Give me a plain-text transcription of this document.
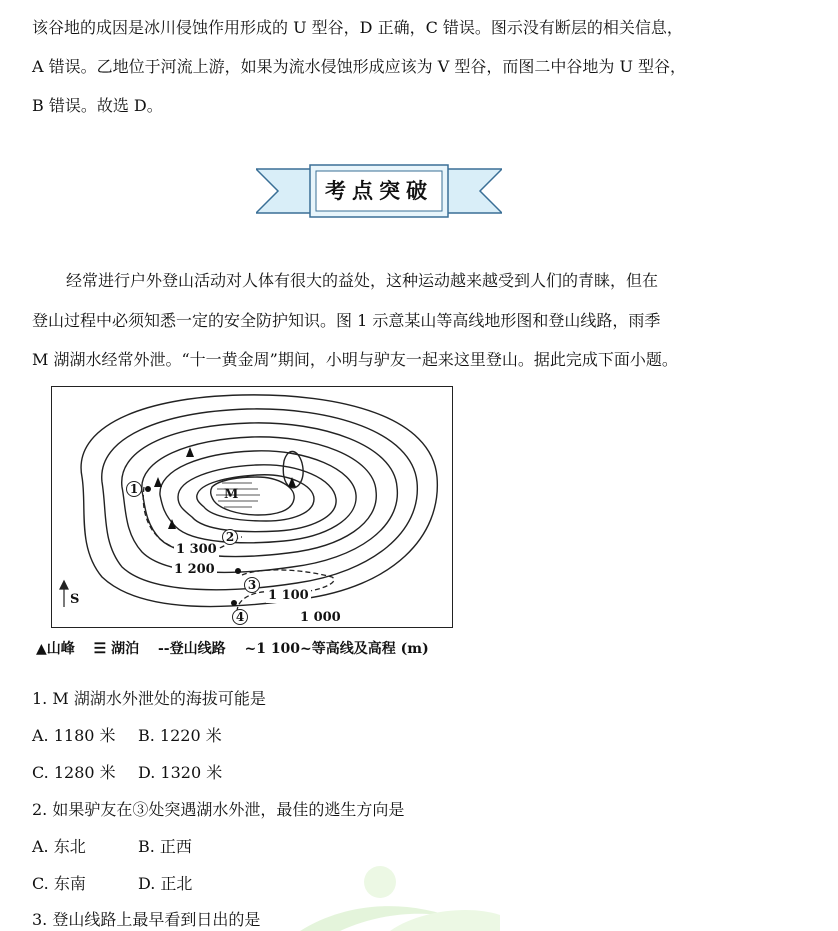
该谷地的成因是冰川侵蚀作用形成的 U 型谷，D 正确，C 错误。图示没有断层的相关信息，
A 错误。乙地位于河流上游，如果为流水侵蚀形成应该为 V 型谷，而图二中谷地为 U 型谷，
B 错误。故选 D。
考点突破
经常进行户外登山活动对人体有很大的益处，这种运动越来越受到人们的青睐，但在
登山过程中必须知悉一定的安全防护知识。图 1 示意某山等高线地形图和登山线路，雨季
M 湖湖水经常外泄。“十一黄金周”期间，小明与驴友一起来这里登山。据此完成下面小题。
M
S
1
2
3
4
1 300
1 200
1 100
1 000
▲山峰 ☰ 湖泊 --登山线路 ~1 100~等高线及高程 (m)
1. M 湖湖水外泄处的海拔可能是
A. 1180 米 B. 1220 米
C. 1280 米 D. 1320 米
2. 如果驴友在③处突遇湖水外泄，最佳的逃生方向是
A. 东北	B. 正西
C. 东南	D. 正北
3. 登山线路上最早看到日出的是
